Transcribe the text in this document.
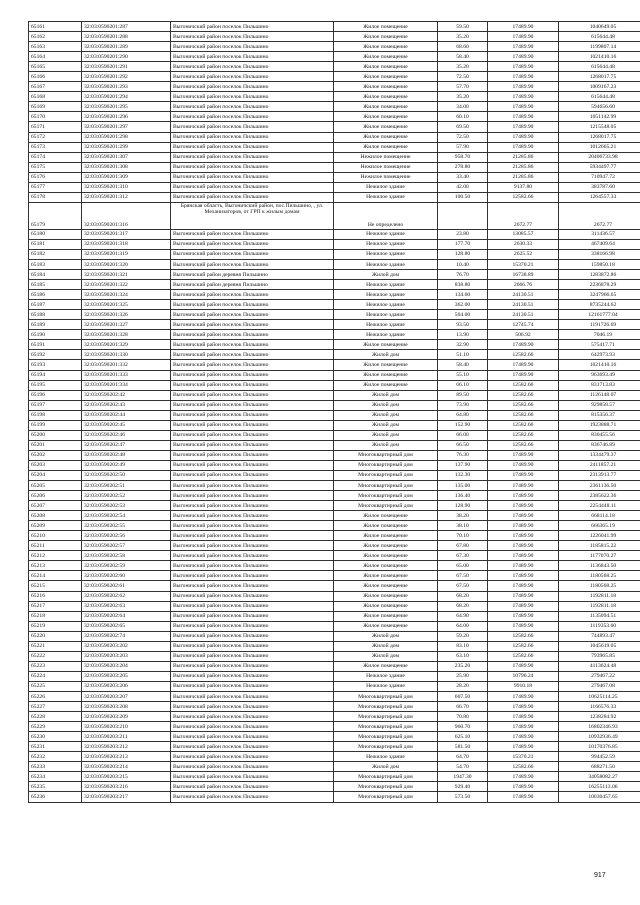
65161	32:03:0590201:287	Выгоничский район поселок Пильшино	Жилое помещение	59.50	17489.90	1040649.05
65162	32:03:0590201:288	Выгоничский район поселок Пильшино	Жилое помещение	35.20	17489.90	615644.48
65163	32:03:0590201:289	Выгоничский район поселок Пильшино	Жилое помещение	68.60	17489.90	1199807.14
65164	32:03:0590201:290	Выгоничский район поселок Пильшино	Жилое помещение	58.40	17489.90	1021410.16
65165	32:03:0590201:291	Выгоничский район поселок Пильшино	Жилое помещение	35.20	17489.90	615644.48
65166	32:03:0590201:292	Выгоничский район поселок Пильшино	Жилое помещение	72.50	17489.90	1268017.75
65167	32:03:0590201:293	Выгоничский район поселок Пильшино	Жилое помещение	57.70	17489.90	1009167.23
65168	32:03:0590201:294	Выгоничский район поселок Пильшино	Жилое помещение	35.20	17489.90	615644.48
65169	32:03:0590201:295	Выгоничский район поселок Пильшино	Жилое помещение	34.00	17489.90	594656.60
65170	32:03:0590201:296	Выгоничский район поселок Пильшино	Жилое помещение	60.10	17489.90	1051142.99
65171	32:03:0590201:297	Выгоничский район поселок Пильшино	Жилое помещение	69.50	17489.90	1215548.05
65172	32:03:0590201:298	Выгоничский район поселок Пильшино	Жилое помещение	72.50	17489.90	1268017.75
65173	32:03:0590201:299	Выгоничский район поселок Пильшино	Жилое помещение	57.90	17489.90	1012665.21
65174	32:03:0590201:307	Выгоничский район поселок Пильшино	Нежилое помещение	958.70	21285.86	20406733.98
65175	32:03:0590201:308	Выгоничский район поселок Пильшино	Нежилое помещение	278.80	21285.86	5934497.77
65176	32:03:0590201:309	Выгоничский район поселок Пильшино	Нежилое помещение	33.40	21285.86	710947.72
65177	32:03:0590201:310	Выгоничский район поселок Пильшино	Нежилое здание	42.00	9137.80	383787.60
65178	32:03:0590201:312	Выгоничский район поселок Пильшино	Нежилое здание	100.50	12582.66	1264557.33
65179	32:03:0590201:316	Брянская область, Выгоничский район, пос.Пильшино, , ул. Механизаторов, от ГРП к жилым домам	Не определено		2672.77	2672.77
65180	32:03:0590201:317	Выгоничский район поселок Пильшино	Нежилое здание	23.80	13085.57	311436.57
65181	32:03:0590201:318	Выгоничский район поселок Пильшино	Нежилое здание	177.70	2630.33	467409.64
65182	32:03:0590201:319	Выгоничский район поселок Пильшино	Нежилое здание	128.80	2625.52	338166.98
65183	32:03:0590201:320	Выгоничский район поселок Пильшино	Нежилое здание	10.40	15370.21	159850.18
65184	32:03:0590201:321	Выгоничский район деревня Пильшино	Жилой дом	76.70	16738.89	1283872.86
65185	32:03:0590201:322	Выгоничский район деревня Пильшино	Нежилое здание	838.80	2666.76	2236878.29
65186	32:03:0590201:324	Выгоничский район поселок Пильшино	Нежилое здание	134.60	24130.51	3247966.65
65187	32:03:0590201:325	Выгоничский район поселок Пильшино	Нежилое здание	362.00	24130.51	8735244.62
65188	32:03:0590201:326	Выгоничский район поселок Пильшино	Нежилое здание	504.00	24130.51	12161777.04
65189	32:03:0590201:327	Выгоничский район поселок Пильшино	Нежилое здание	93.50	12745.74	1191726.69
65190	32:03:0590201:328	Выгоничский район поселок Пильшино	Нежилое здание	13.90	506.92	7046.19
65191	32:03:0590201:329	Выгоничский район поселок Пильшино	Жилое помещение	32.90	17489.90	575417.71
65192	32:03:0590201:330	Выгоничский район поселок Пильшино	Жилой дом	51.10	12582.66	642973.93
65193	32:03:0590201:332	Выгоничский район поселок Пильшино	Жилое помещение	58.40	17489.90	1021410.16
65194	32:03:0590201:333	Выгоничский район поселок Пильшино	Жилое помещение	55.10	17489.90	963693.49
65195	32:03:0590201:334	Выгоничский район поселок Пильшино	Жилое помещение	66.10	12582.66	831713.83
65196	32:03:0590202:42	Выгоничский район поселок Пильшино	Жилой дом	89.50	12582.66	1126148.07
65197	32:03:0590202:43	Выгоничский район поселок Пильшино	Жилой дом	73.90	12582.66	929858.57
65198	32:03:0590202:44	Выгоничский район поселок Пильшино	Жилой дом	64.80	12582.66	815356.37
65199	32:03:0590202:45	Выгоничский район поселок Пильшино	Жилой дом	152.90	12582.66	1923888.71
65200	32:03:0590202:46	Выгоничский район поселок Пильшино	Жилой дом	66.00	12582.66	830455.56
65201	32:03:0590202:47	Выгоничский район поселок Пильшино	Жилой дом	66.50	12582.66	836746.89
65202	32:03:0590202:48	Выгоничский район поселок Пильшино	Многоквартирный дом	76.30	17489.90	1334479.37
65203	32:03:0590202:49	Выгоничский район поселок Пильшино	Многоквартирный дом	137.90	17489.90	2411857.21
65204	32:03:0590202:50	Выгоничский район поселок Пильшино	Многоквартирный дом	132.30	17489.90	2313913.77
65205	32:03:0590202:51	Выгоничский район поселок Пильшино	Многоквартирный дом	135.00	17489.90	2361136.50
65206	32:03:0590202:52	Выгоничский район поселок Пильшино	Многоквартирный дом	136.40	17489.90	2385622.36
65207	32:03:0590202:53	Выгоничский район поселок Пильшино	Многоквартирный дом	128.90	17489.90	2254448.11
65208	32:03:0590202:54	Выгоничский район поселок Пильшино	Жилое помещение	38.20	17489.90	668114.18
65209	32:03:0590202:55	Выгоничский район поселок Пильшино	Жилое помещение	38.10	17489.90	666365.19
65210	32:03:0590202:56	Выгоничский район поселок Пильшино	Жилое помещение	70.10	17489.90	1226041.99
65211	32:03:0590202:57	Выгоничский район поселок Пильшино	Жилое помещение	67.80	17489.90	1185815.22
65212	32:03:0590202:58	Выгоничский район поселок Пильшино	Жилое помещение	67.30	17489.90	1177070.27
65213	32:03:0590202:59	Выгоничский район поселок Пильшино	Жилое помещение	65.00	17489.90	1136843.50
65214	32:03:0590202:60	Выгоничский район поселок Пильшино	Жилое помещение	67.50	17489.90	1180568.25
65215	32:03:0590202:61	Выгоничский район поселок Пильшино	Жилое помещение	67.50	17489.90	1180568.25
65216	32:03:0590202:62	Выгоничский район поселок Пильшино	Жилое помещение	68.20	17489.90	1192811.18
65217	32:03:0590202:63	Выгоничский район поселок Пильшино	Жилое помещение	68.20	17489.90	1192811.18
65218	32:03:0590202:64	Выгоничский район поселок Пильшино	Жилое помещение	64.90	17489.90	1135094.51
65219	32:03:0590202:65	Выгоничский район поселок Пильшино	Жилое помещение	64.00	17489.90	1119353.60
65220	32:03:0590202:74	Выгоничский район поселок Пильшино	Жилой дом	59.20	12582.66	744893.47
65221	32:03:0590203:202	Выгоничский район поселок Пильшино	Жилой дом	83.10	12582.66	1045619.05
65222	32:03:0590203:203	Выгоничский район поселок Пильшино	Жилой дом	63.10	12582.66	793965.85
65223	32:03:0590203:204	Выгоничский район поселок Пильшино	Жилое помещение	235.20	17489.90	4113624.48
65224	32:03:0590203:205	Выгоничский район поселок Пильшино	Нежилое здание	25.90	10790.24	279467.22
65225	32:03:0590203:206	Выгоничский район поселок Пильшино	Нежилое здание	28.20	9910.18	279467.08
65226	32:03:0590203:207	Выгоничский район поселок Пильшино	Многоквартирный дом	607.50	17489.90	10625114.25
65227	32:03:0590203:208	Выгоничский район поселок Пильшино	Многоквартирный дом	66.70	17489.90	1166576.33
65228	32:03:0590203:209	Выгоничский район поселок Пильшино	Многоквартирный дом	70.80	17489.90	1238284.92
65229	32:03:0590203:210	Выгоничский район поселок Пильшино	Многоквартирный дом	960.70	17489.90	16802346.93
65230	32:03:0590203:211	Выгоничский район поселок Пильшино	Многоквартирный дом	625.10	17489.90	10932936.49
65231	32:03:0590203:212	Выгоничский район поселок Пильшино	Многоквартирный дом	581.50	17489.90	10170376.85
65232	32:03:0590203:213	Выгоничский район поселок Пильшино	Нежилое здание	64.70	15370.21	994452.59
65233	32:03:0590203:214	Выгоничский район поселок Пильшино	Жилой дом	54.70	12582.66	688271.50
65234	32:03:0590203:215	Выгоничский район поселок Пильшино	Многоквартирный дом	1947.30	17489.90	34058082.27
65235	32:03:0590203:216	Выгоничский район поселок Пильшино	Многоквартирный дом	929.40	17489.90	16255113.06
65236	32:03:0590203:217	Выгоничский район поселок Пильшино	Многоквартирный дом	573.50	17489.90	10030457.65
917
